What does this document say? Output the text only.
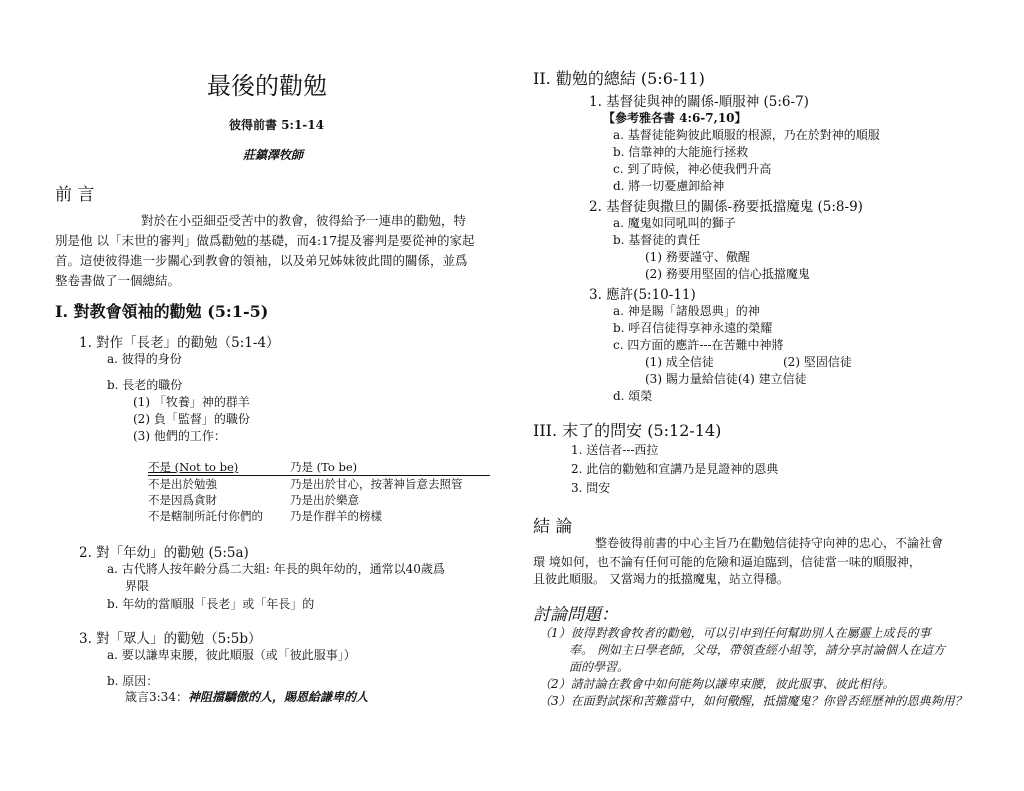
最後的勸勉
彼得前書 5:1-14
莊鎮澤牧師
前 言
對於在小亞細亞受苦中的教會，彼得給予一連串的勸勉，特
別是他 以「末世的審判」做爲勸勉的基礎，而4:17提及審判是要從神的家起
首。這使彼得進一步關心到教會的領袖，以及弟兄姊妹彼此間的關係，並爲
整卷書做了一個總結。
I. 對教會領袖的勸勉 (5:1-5)
1. 對作「長老」的勸勉（5:1-4）
a. 彼得的身份
b. 長老的職份
(1) 「牧養」神的群羊
(2) 負「監督」的職份
(3) 他們的工作：
不是 (Not to be)	乃是 (To be)
不是出於勉強	乃是出於甘心，按著神旨意去照管
不是因爲貪財	乃是出於樂意
不是轄制所託付你們的 乃是作群羊的榜樣
2. 對「年幼」的勸勉 (5:5a)
a. 古代將人按年齡分爲二大組: 年長的與年幼的，通常以40歲爲
界限
b. 年幼的當順服「長老」或「年長」的
3. 對「眾人」的勸勉（5:5b）
a. 要以謙卑束腰，彼此順服（或「彼此服事」）
b. 原因：
箴言3:34：神阻擋驕傲的人，賜恩給謙卑的人
II. 勸勉的總結 (5:6-11)
1. 基督徒與神的關係-順服神 (5:6-7)
【參考雅各書 4:6-7,10】
a. 基督徒能夠彼此順服的根源，乃在於對神的順服
b. 信靠神的大能施行拯救
c. 到了時候，神必使我們升高
d. 將一切憂慮卸給神
2. 基督徒與撒旦的關係-務要抵擋魔鬼 (5:8-9)
a. 魔鬼如同吼叫的獅子
b. 基督徒的責任
(1) 務要謹守、儆醒
(2) 務要用堅固的信心抵擋魔鬼
3. 應許(5:10-11)
a. 神是賜「諸般恩典」的神
b. 呼召信徒得享神永遠的榮耀
c. 四方面的應許---在苦難中神將
(1) 成全信徒	(2) 堅固信徒
(3) 賜力量給信徒(4) 建立信徒
d. 頌榮
III. 末了的問安 (5:12-14)
1. 送信者---西拉
2. 此信的勸勉和宣講乃是見證神的恩典
3. 問安
結 論
整卷彼得前書的中心主旨乃在勸勉信徒持守向神的忠心，不論社會
環 境如何，也不論有任何可能的危險和逼迫臨到，信徒當一味的順服神，
且彼此順服。 又當竭力的抵擋魔鬼，站立得穩。
討論問題：
（1）彼得對教會牧者的勸勉，可以引申到任何幫助別人在屬靈上成長的事
奉。 例如主日學老師，父母，帶領查經小組等，請分享討論個人在這方
面的學習。
（2）請討論在教會中如何能夠以謙卑束腰，彼此服事、彼此相待。
（3）在面對試探和苦難當中，如何儆醒，抵擋魔鬼？你曾否經歷神的恩典夠用？
